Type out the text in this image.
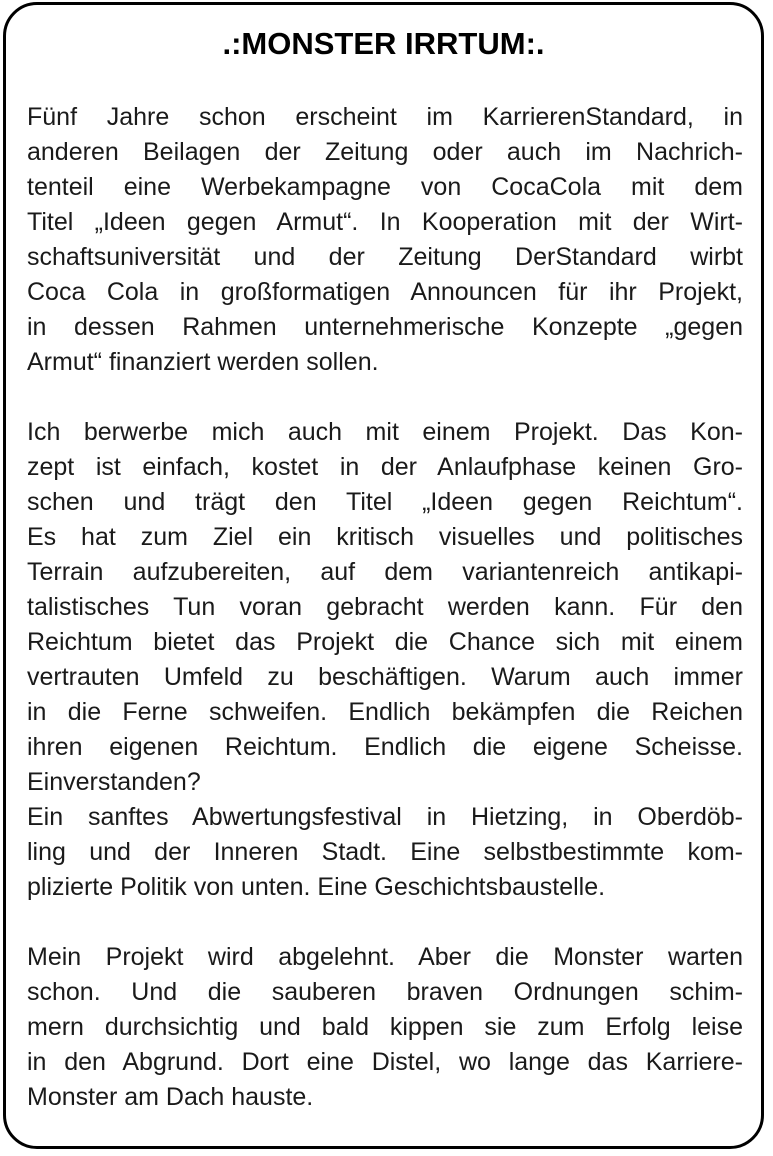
.:MONSTER IRRTUM:.

Fünf Jahre schon erscheint im KarrierenStandard, in
anderen Beilagen der Zeitung oder auch im Nachrich-
tenteil eine Werbekampagne von CocaCola mit dem
Titel „Ideen gegen Armut“. In Kooperation mit der Wirt-
schaftsuniversität und der Zeitung DerStandard wirbt
Coca Cola in großformatigen Announcen für ihr Projekt,
in dessen Rahmen unternehmerische Konzepte „gegen
Armut“ finanziert werden sollen.

Ich berwerbe mich auch mit einem Projekt. Das Kon-
zept ist einfach, kostet in der Anlaufphase keinen Gro-
schen und trägt den Titel „Ideen gegen Reichtum“.
Es hat zum Ziel ein kritisch visuelles und politisches
Terrain aufzubereiten, auf dem variantenreich antikapi-
talistisches Tun voran gebracht werden kann. Für den
Reichtum bietet das Projekt die Chance sich mit einem
vertrauten Umfeld zu beschäftigen. Warum auch immer
in die Ferne schweifen. Endlich bekämpfen die Reichen
ihren eigenen Reichtum. Endlich die eigene Scheisse.
Einverstanden?

Ein sanftes Abwertungsfestival in Hietzing, in Oberdöb-
ling und der Inneren Stadt. Eine selbstbestimmte kom-
plizierte Politik von unten. Eine Geschichtsbaustelle.

Mein Projekt wird abgelehnt. Aber die Monster warten
schon. Und die sauberen braven Ordnungen schim-
mern durchsichtig und bald kippen sie zum Erfolg leise
in den Abgrund. Dort eine Distel, wo lange das Karriere-
Monster am Dach hauste.
